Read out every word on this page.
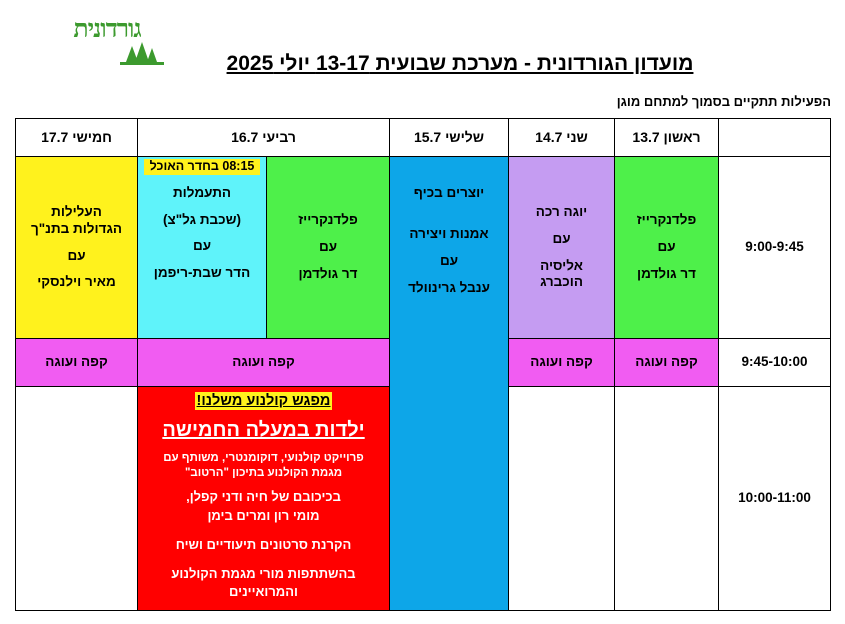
גורדונית
מועדון הגורדונית - מערכת שבועית 13-17 יולי 2025
הפעילות תתקיים בסמוך למתחם מוגן
ראשון 13.7
שני 14.7
שלישי 15.7
רביעי 16.7
חמישי 17.7
9:00-9:45
9:45-10:00
10:00-11:00
פלדנקרייז
עם
דר גולדמן
יוגה רכה
עם
אליסיה
הוכברג
יוצרים בכיף
אמנות ויצירה
עם
ענבל גרינוולד
פלדנקרייז
עם
דר גולדמן
08:15 בחדר האוכל
התעמלות
(שכבת גל"צ)
עם
הדר שבת-ריפמן
העלילות
הגדולות בתנ"ך
עם
מאיר וילנסקי
קפה ועוגה
קפה ועוגה
קפה ועוגה
קפה ועוגה
מפגש קולנוע משלנו!
ילדות במעלה החמישה
פרוייקט קולנועי, דוקומנטרי, משותף עם
מגמת הקולנוע בתיכון "הרטוב"
בכיכובם של חיה ודני קפלן,
מומי רון ומרים בימן
הקרנת סרטונים תיעודיים ושיח
בהשתתפות מורי מגמת הקולנוע
והמרואיינים
